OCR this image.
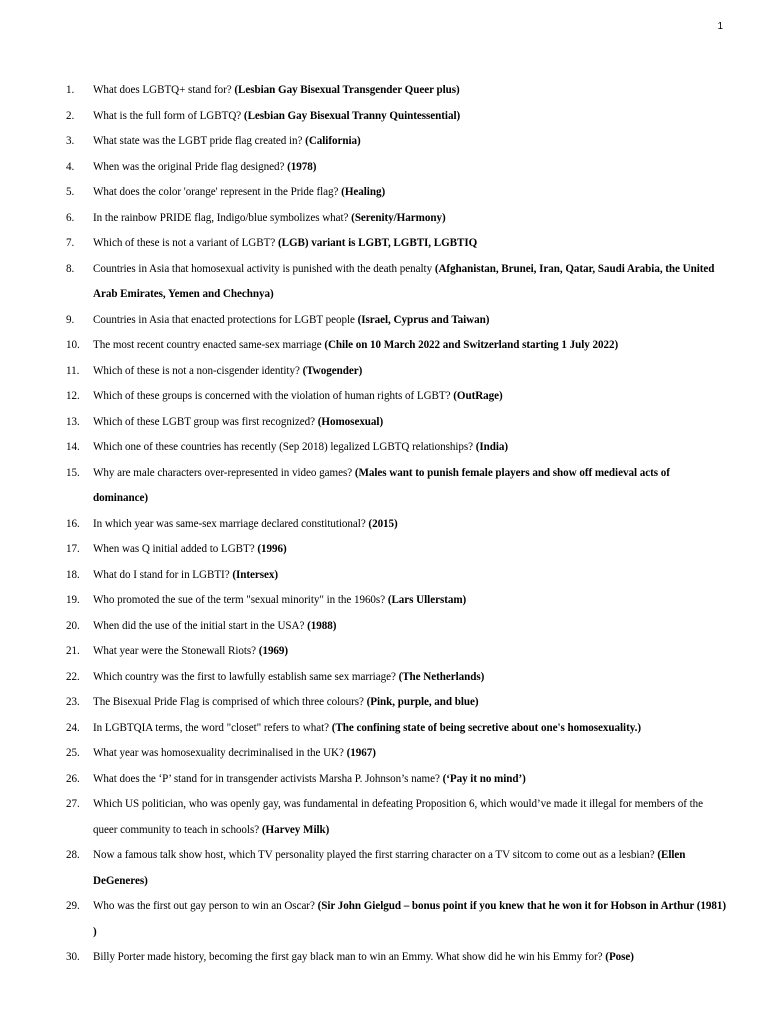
1
1. What does LGBTQ+ stand for? (Lesbian Gay Bisexual Transgender Queer plus)
2. What is the full form of LGBTQ? (Lesbian Gay Bisexual Tranny Quintessential)
3. What state was the LGBT pride flag created in? (California)
4. When was the original Pride flag designed? (1978)
5. What does the color 'orange' represent in the Pride flag? (Healing)
6. In the rainbow PRIDE flag, Indigo/blue symbolizes what? (Serenity/Harmony)
7. Which of these is not a variant of LGBT? (LGB) variant is LGBT, LGBTI, LGBTIQ
8. Countries in Asia that homosexual activity is punished with the death penalty (Afghanistan, Brunei, Iran, Qatar, Saudi Arabia, the United Arab Emirates, Yemen and Chechnya)
9. Countries in Asia that enacted protections for LGBT people (Israel, Cyprus and Taiwan)
10. The most recent country enacted same-sex marriage (Chile on 10 March 2022 and Switzerland starting 1 July 2022)
11. Which of these is not a non-cisgender identity? (Twogender)
12. Which of these groups is concerned with the violation of human rights of LGBT? (OutRage)
13. Which of these LGBT group was first recognized? (Homosexual)
14. Which one of these countries has recently (Sep 2018) legalized LGBTQ relationships? (India)
15. Why are male characters over-represented in video games? (Males want to punish female players and show off medieval acts of dominance)
16. In which year was same-sex marriage declared constitutional? (2015)
17. When was Q initial added to LGBT? (1996)
18. What do I stand for in LGBTI? (Intersex)
19. Who promoted the sue of the term "sexual minority" in the 1960s? (Lars Ullerstam)
20. When did the use of the initial start in the USA? (1988)
21. What year were the Stonewall Riots? (1969)
22. Which country was the first to lawfully establish same sex marriage? (The Netherlands)
23. The Bisexual Pride Flag is comprised of which three colours? (Pink, purple, and blue)
24. In LGBTQIA terms, the word "closet" refers to what? (The confining state of being secretive about one's homosexuality.)
25. What year was homosexuality decriminalised in the UK? (1967)
26. What does the ‘P’ stand for in transgender activists Marsha P. Johnson’s name? (‘Pay it no mind’)
27. Which US politician, who was openly gay, was fundamental in defeating Proposition 6, which would’ve made it illegal for members of the queer community to teach in schools? (Harvey Milk)
28. Now a famous talk show host, which TV personality played the first starring character on a TV sitcom to come out as a lesbian? (Ellen DeGeneres)
29. Who was the first out gay person to win an Oscar? (Sir John Gielgud – bonus point if you knew that he won it for Hobson in Arthur (1981) )
30. Billy Porter made history, becoming the first gay black man to win an Emmy. What show did he win his Emmy for? (Pose)
